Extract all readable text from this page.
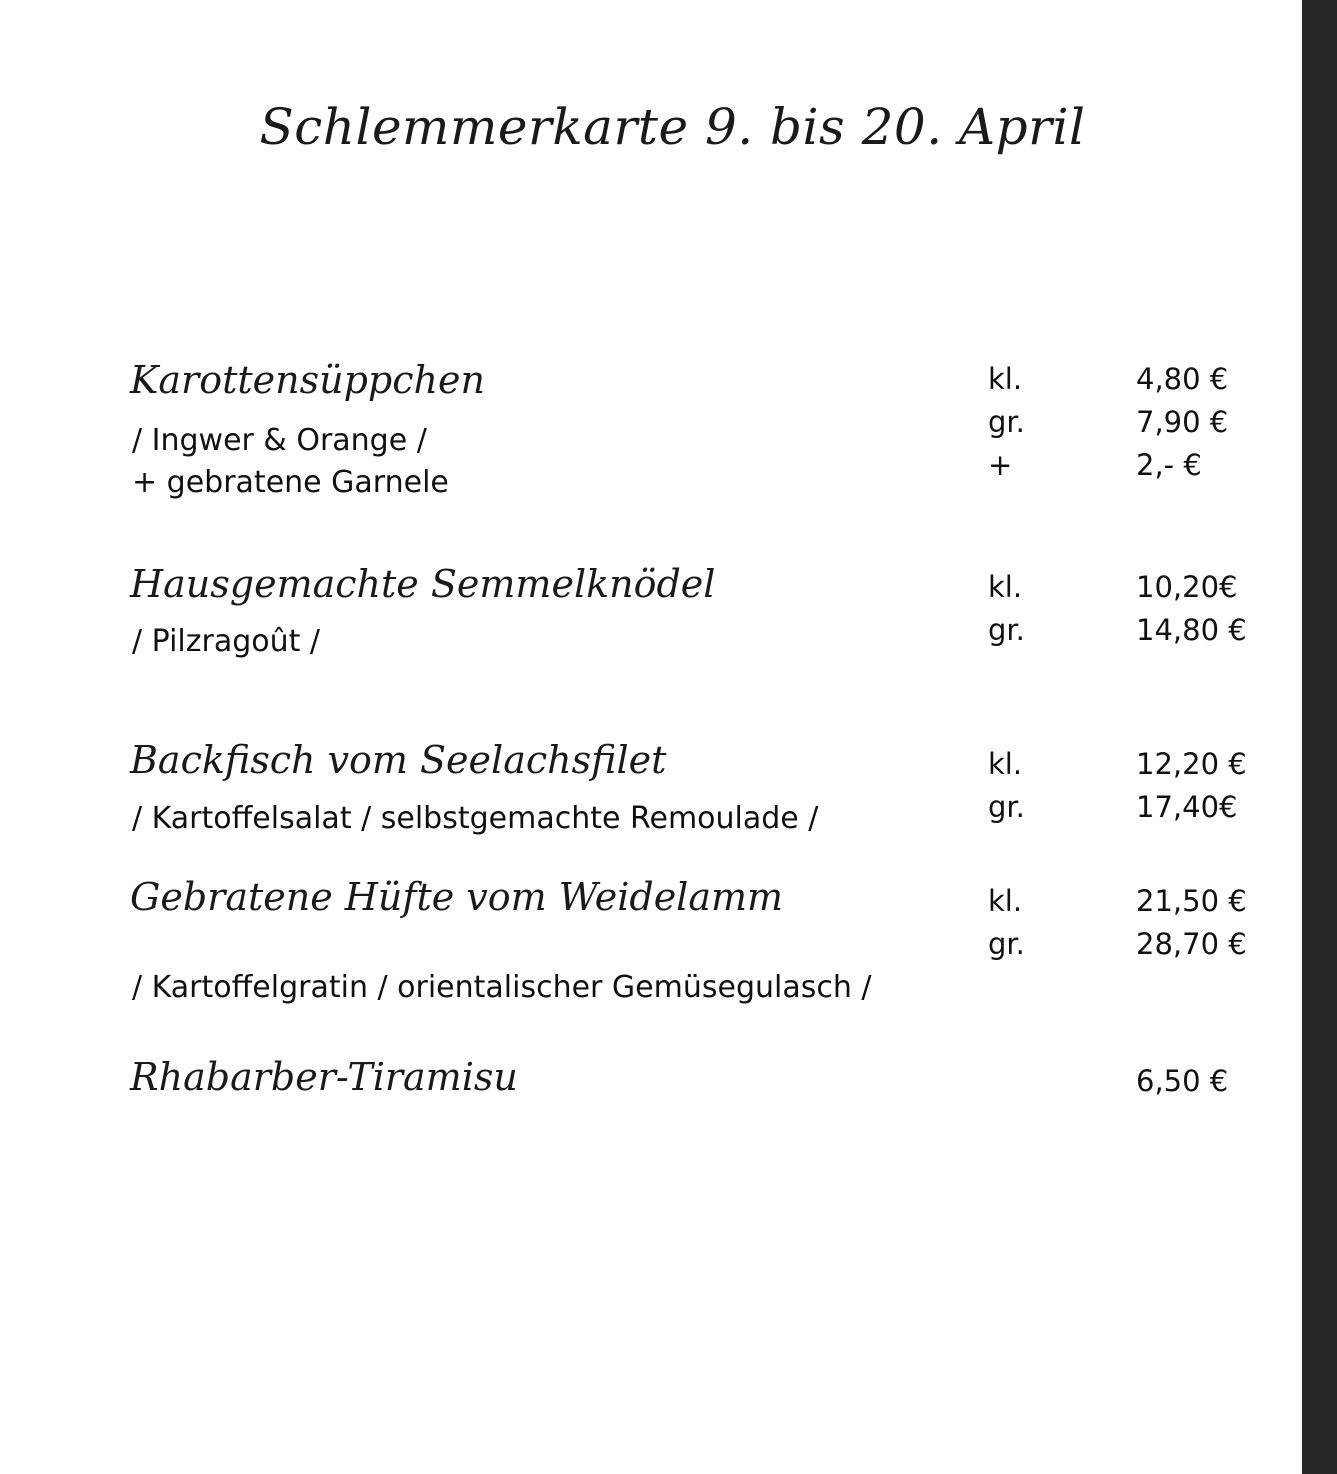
Schlemmerkarte 9. bis 20. April
Karottensüppchen
/ Ingwer & Orange /
+ gebratene Garnele
kl.	4,80 €
gr.	7,90 €
+	2,- €
Hausgemachte Semmelknödel
/ Pilzragoût /
kl.	10,20€
gr.	14,80 €
Backfisch vom Seelachsfilet
/ Kartoffelsalat / selbstgemachte Remoulade /
kl.	12,20 €
gr.	17,40€
Gebratene Hüfte vom Weidelamm
/ Kartoffelgratin / orientalischer Gemüsegulasch /
kl.	21,50 €
gr.	28,70 €
Rhabarber-Tiramisu	6,50 €
